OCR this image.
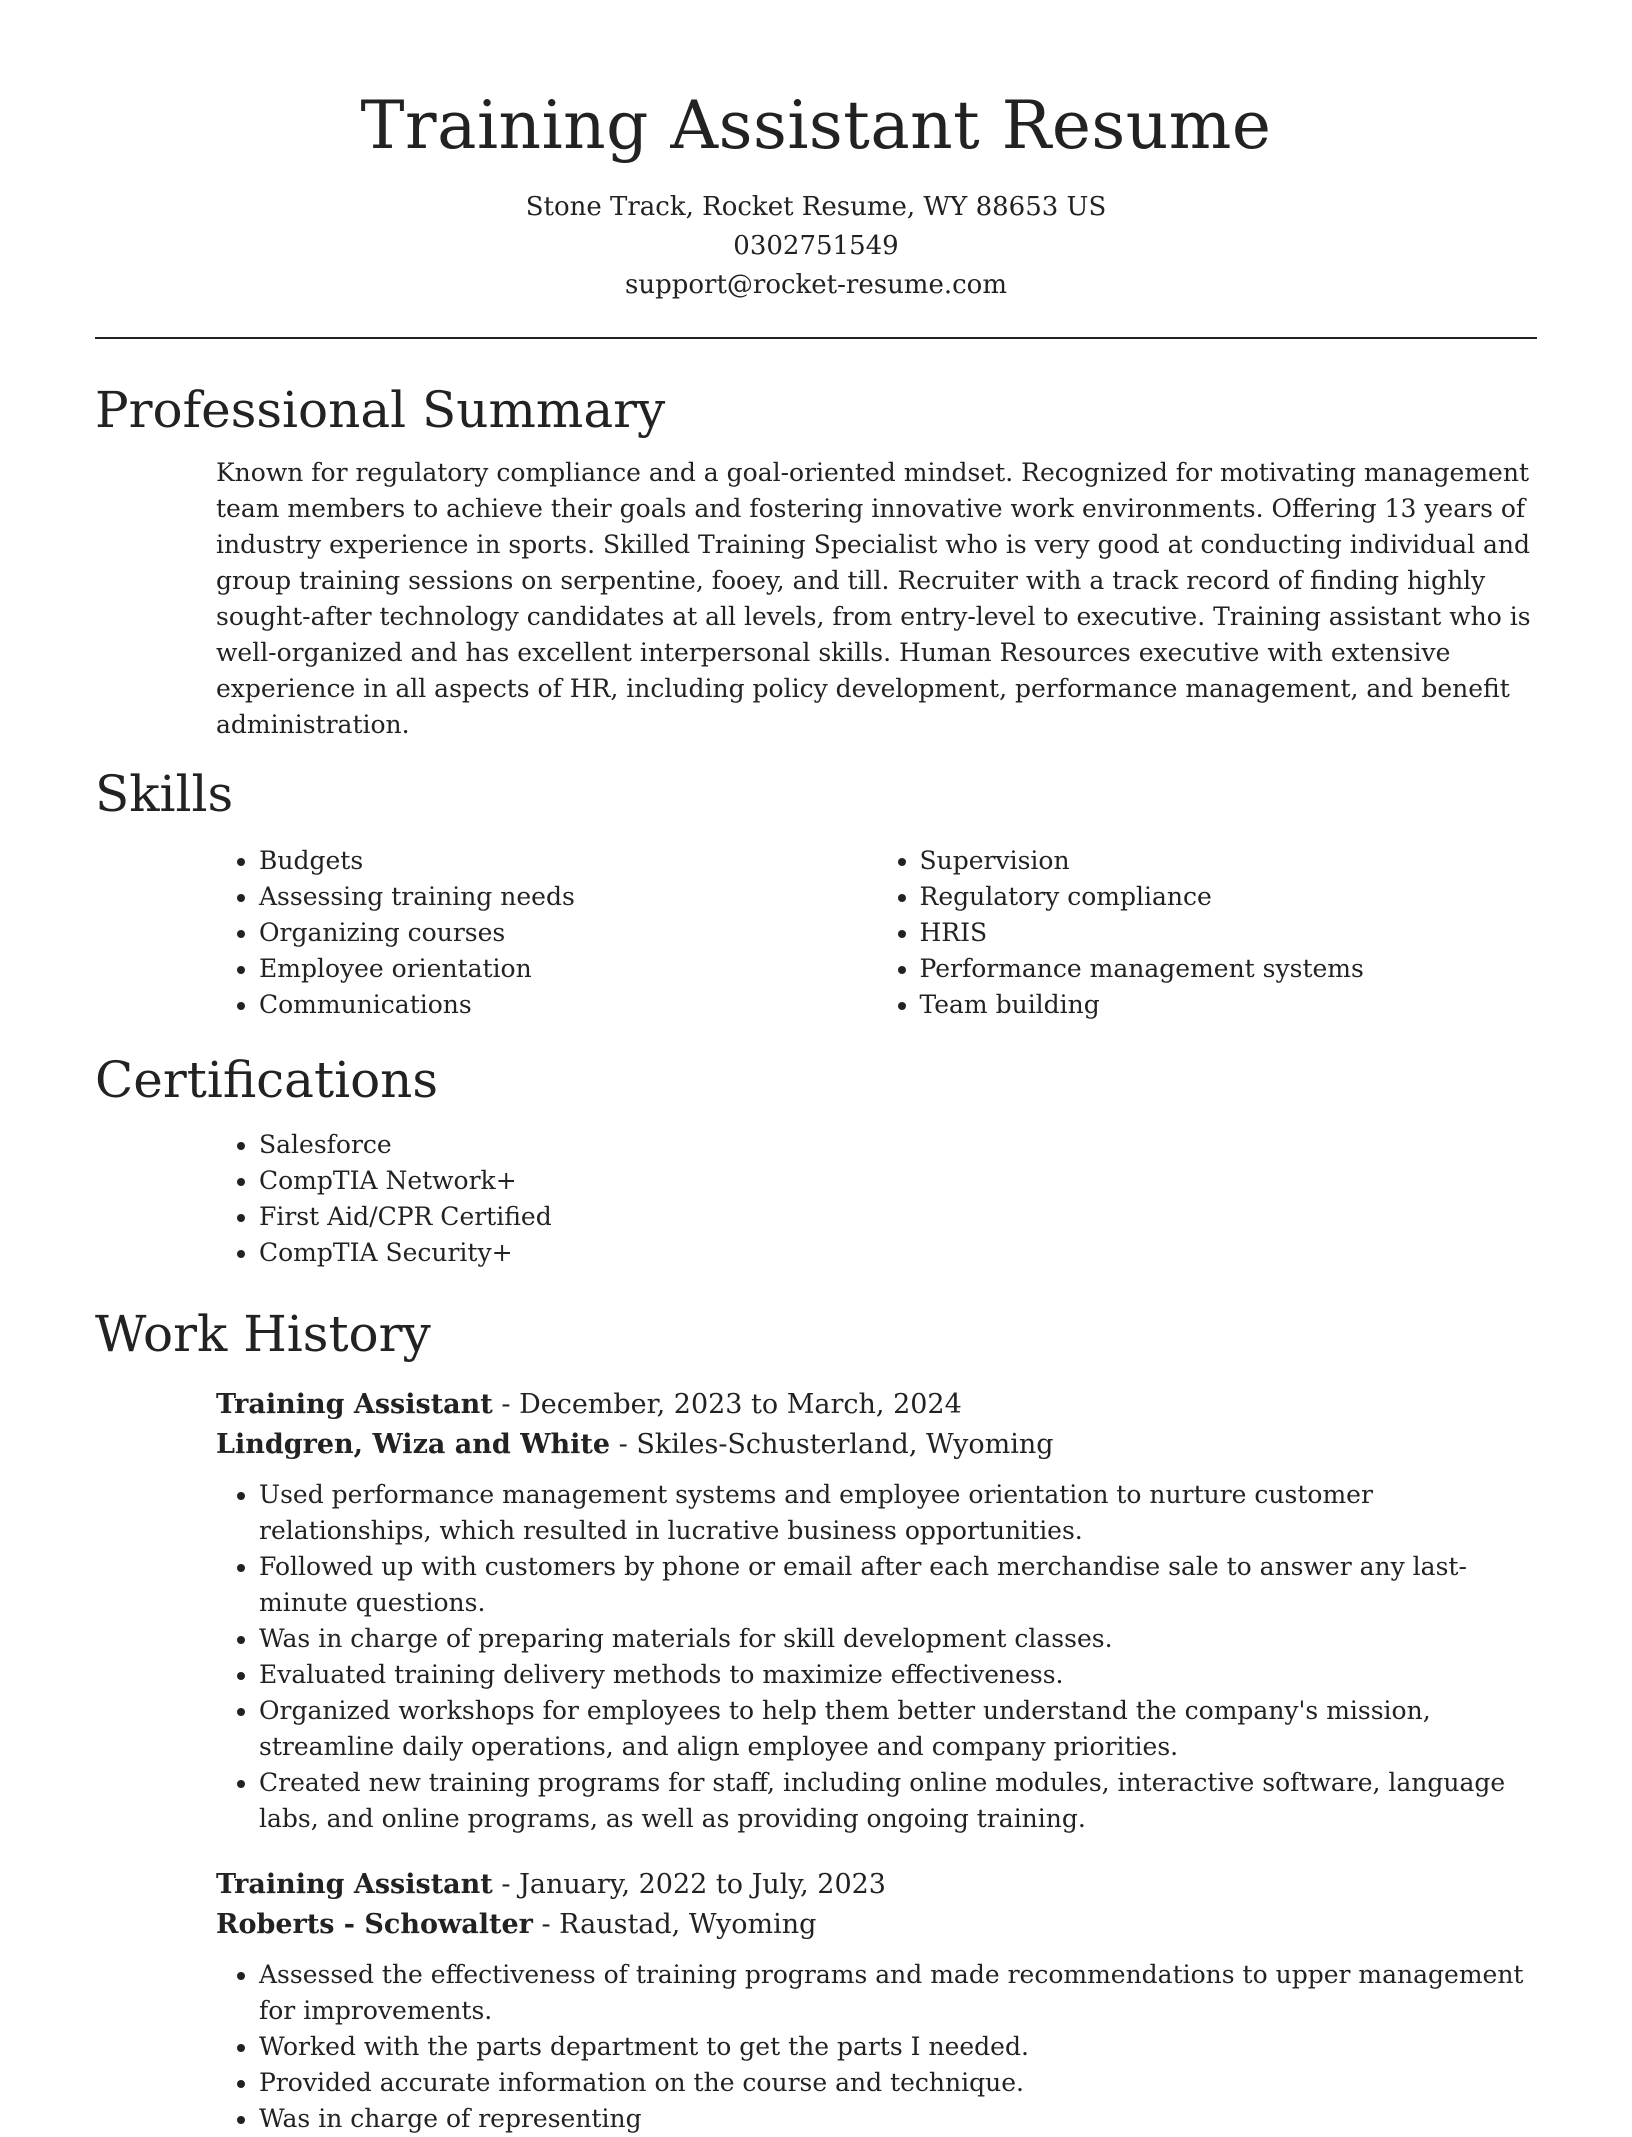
Training Assistant Resume
Stone Track, Rocket Resume, WY 88653 US
0302751549
support@rocket-resume.com
Professional Summary
Known for regulatory compliance and a goal-oriented mindset. Recognized for motivating management team members to achieve their goals and fostering innovative work environments. Offering 13 years of industry experience in sports. Skilled Training Specialist who is very good at conducting individual and group training sessions on serpentine, fooey, and till. Recruiter with a track record of finding highly sought-after technology candidates at all levels, from entry-level to executive. Training assistant who is well-organized and has excellent interpersonal skills. Human Resources executive with extensive experience in all aspects of HR, including policy development, performance management, and benefit administration.
Skills
• Budgets
• Assessing training needs
• Organizing courses
• Employee orientation
• Communications
• Supervision
• Regulatory compliance
• HRIS
• Performance management systems
• Team building
Certifications
• Salesforce
• CompTIA Network+
• First Aid/CPR Certified
• CompTIA Security+
Work History
Training Assistant - December, 2023 to March, 2024
Lindgren, Wiza and White - Skiles-Schusterland, Wyoming
• Used performance management systems and employee orientation to nurture customer relationships, which resulted in lucrative business opportunities.
• Followed up with customers by phone or email after each merchandise sale to answer any last-minute questions.
• Was in charge of preparing materials for skill development classes.
• Evaluated training delivery methods to maximize effectiveness.
• Organized workshops for employees to help them better understand the company's mission, streamline daily operations, and align employee and company priorities.
• Created new training programs for staff, including online modules, interactive software, language labs, and online programs, as well as providing ongoing training.
Training Assistant - January, 2022 to July, 2023
Roberts - Schowalter - Raustad, Wyoming
• Assessed the effectiveness of training programs and made recommendations to upper management for improvements.
• Worked with the parts department to get the parts I needed.
• Provided accurate information on the course and technique.
• Was in charge of representing
